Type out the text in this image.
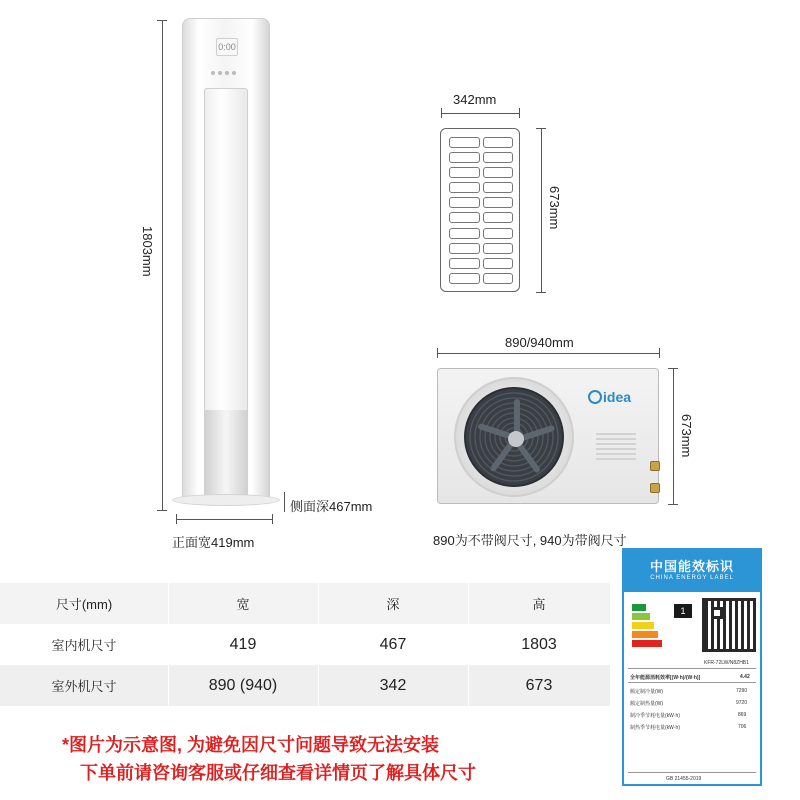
0:00
1803mm
侧面深467mm
正面宽419mm
342mm
673mm
890/940mm
idea
673mm
890为不带阀尺寸, 940为带阀尺寸
尺寸(mm)	宽	深	高
室内机尺寸	419	467	1803
室外机尺寸	890 (940)	342	673
*图片为示意图, 为避免因尺寸问题导致无法安装
下单前请咨询客服或仔细查看详情页了解具体尺寸
中国能效标识
CHINA ENERGY LABEL
1
KFR-72LW/N8ZHB1
全年能源消耗效率[(W·h)/(W·h)]	4.42
额定制冷量(W)	7290
额定制热量(W)	9720
制冷季节耗电量(kW·h)	869
制热季节耗电量(kW·h)	706
GB 21455-2019
